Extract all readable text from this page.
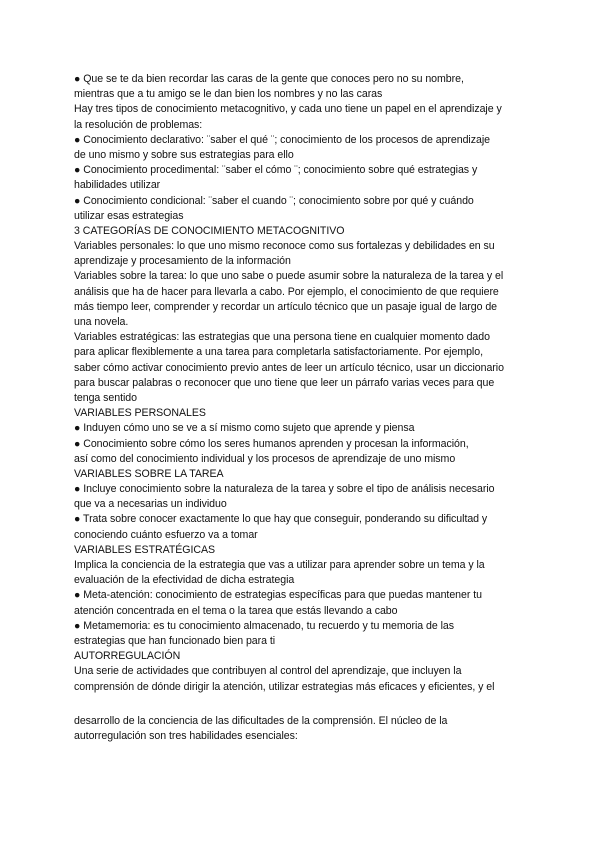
● Que se te da bien recordar las caras de la gente que conoces pero no su nombre,
mientras que a tu amigo se le dan bien los nombres y no las caras
Hay tres tipos de conocimiento metacognitivo, y cada uno tiene un papel en el aprendizaje y
la resolución de problemas:
● Conocimiento declarativo: ¨saber el qué ¨; conocimiento de los procesos de aprendizaje
de uno mismo y sobre sus estrategias para ello
● Conocimiento procedimental: ¨saber el cómo ¨; conocimiento sobre qué estrategias y
habilidades utilizar
● Conocimiento condicional: ¨saber el cuando ¨; conocimiento sobre por qué y cuándo
utilizar esas estrategias
3 CATEGORÍAS DE CONOCIMIENTO METACOGNITIVO
Variables personales: lo que uno mismo reconoce como sus fortalezas y debilidades en su
aprendizaje y procesamiento de la información
Variables sobre la tarea: lo que uno sabe o puede asumir sobre la naturaleza de la tarea y el
análisis que ha de hacer para llevarla a cabo. Por ejemplo, el conocimiento de que requiere
más tiempo leer, comprender y recordar un artículo técnico que un pasaje igual de largo de
una novela.
Variables estratégicas: las estrategias que una persona tiene en cualquier momento dado
para aplicar flexiblemente a una tarea para completarla satisfactoriamente. Por ejemplo,
saber cómo activar conocimiento previo antes de leer un artículo técnico, usar un diccionario
para buscar palabras o reconocer que uno tiene que leer un párrafo varias veces para que
tenga sentido
VARIABLES PERSONALES
● Induyen cómo uno se ve a sí mismo como sujeto que aprende y piensa
● Conocimiento sobre cómo los seres humanos aprenden y procesan la información,
así como del conocimiento individual y los procesos de aprendizaje de uno mismo
VARIABLES SOBRE LA TAREA
● Incluye conocimiento sobre la naturaleza de la tarea y sobre el tipo de análisis necesario
que va a necesarias un individuo
● Trata sobre conocer exactamente lo que hay que conseguir, ponderando su dificultad y
conociendo cuánto esfuerzo va a tomar
VARIABLES ESTRATÉGICAS
Implica la conciencia de la estrategia que vas a utilizar para aprender sobre un tema y la
evaluación de la efectividad de dicha estrategia
● Meta-atención: conocimiento de estrategias específicas para que puedas mantener tu
atención concentrada en el tema o la tarea que estás llevando a cabo
● Metamemoria: es tu conocimiento almacenado, tu recuerdo y tu memoria de las
estrategias que han funcionado bien para ti
AUTORREGULACIÓN
Una serie de actividades que contribuyen al control del aprendizaje, que incluyen la
comprensión de dónde dirigir la atención, utilizar estrategias más eficaces y eficientes, y el
desarrollo de la conciencia de las dificultades de la comprensión. El núcleo de la
autorregulación son tres habilidades esenciales:
